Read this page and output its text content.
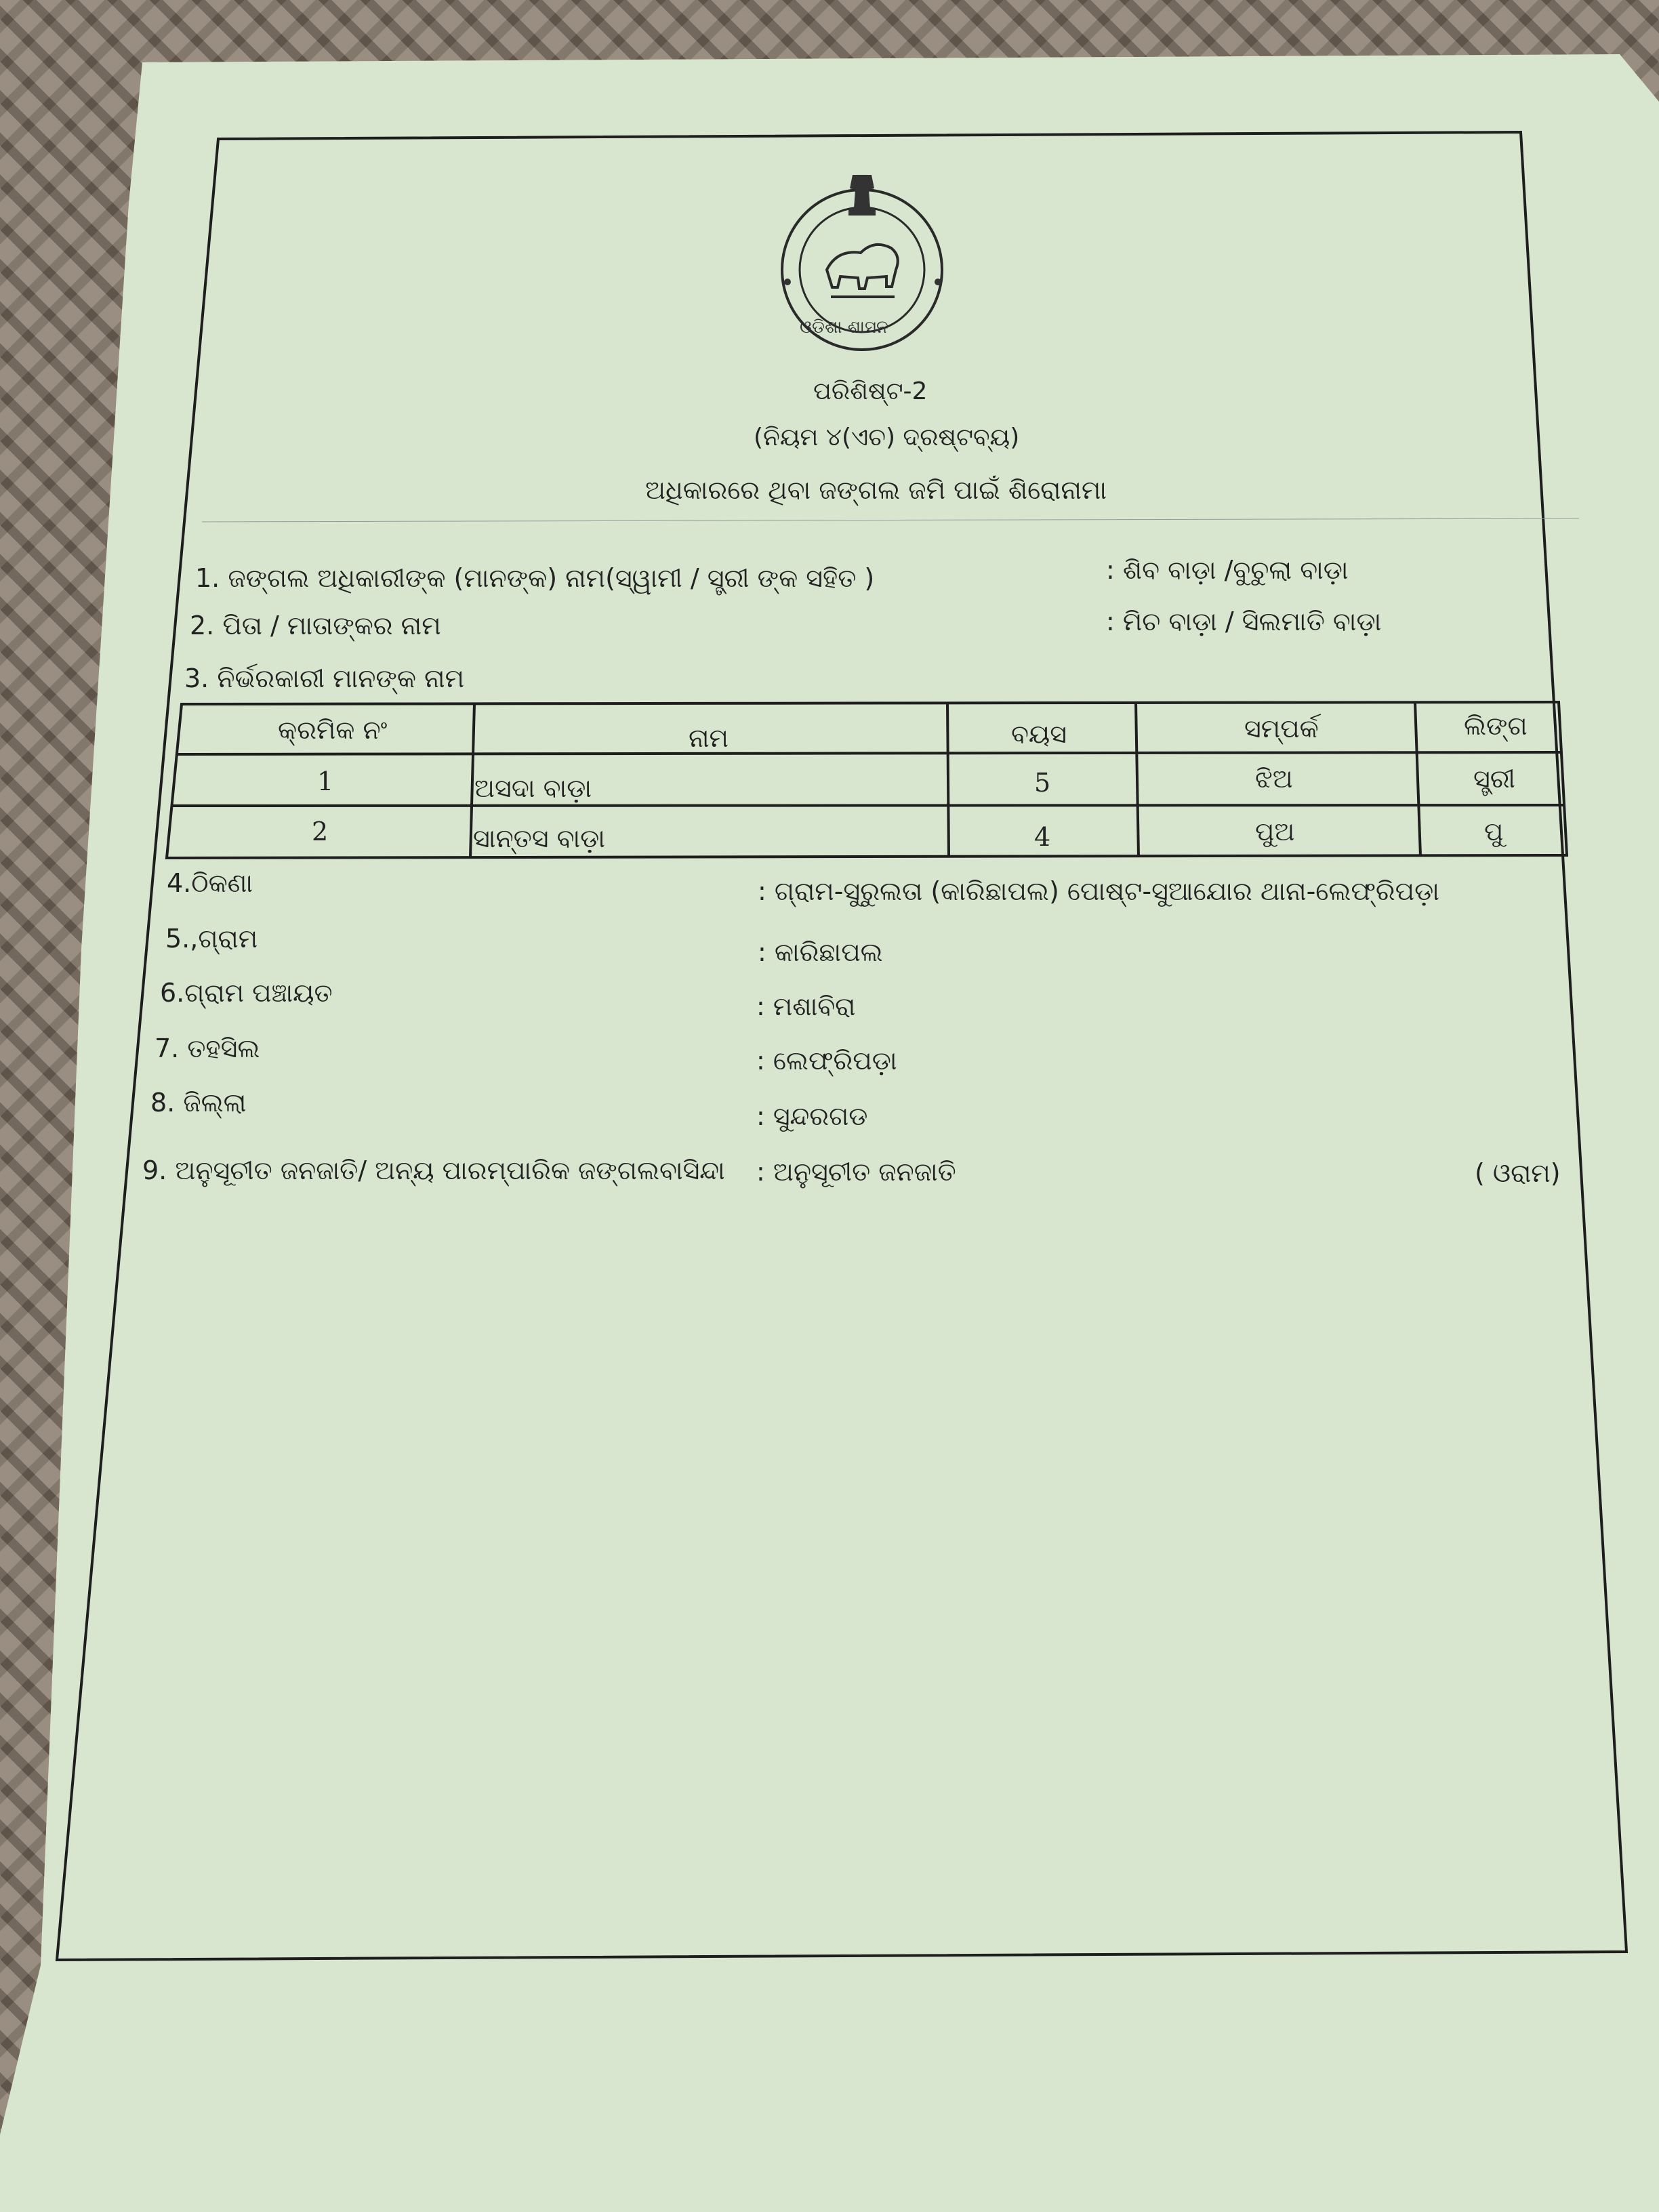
ଓଡ଼ିଶା ଶାସନ
ପରିଶିଷ୍ଟ-2
(ନିୟମ ୪(ଏଚ) ଦ୍ରଷ୍ଟବ୍ୟ)
ଅଧିକାରରେ ଥିବା ଜଙ୍ଗଲ ଜମି ପାଇଁ ଶିରୋନାମା
1. ଜଙ୍ଗଲ ଅଧିକାରୀଙ୍କ (ମାନଙ୍କ) ନାମ(ସ୍ୱାମୀ / ସ୍ତ୍ରୀ ଙ୍କ ସହିତ )	: ଶିବ ବାଡ଼ା /ବୁଚୁଲା ବାଡ଼ା
2. ପିତା / ମାତାଙ୍କର ନାମ	: ମିଚ ବାଡ଼ା / ସିଲମାତି ବାଡ଼ା
3. ନିର୍ଭରକାରୀ ମାନଙ୍କ ନାମ
କ୍ରମିକ ନଂ	ନାମ	ବୟସ	ସମ୍ପର୍କ	ଲିଙ୍ଗ
1	ଅସଦା ବାଡ଼ା	5	ଝିଅ	ସ୍ତ୍ରୀ
2	ସାନ୍ତସ ବାଡ଼ା	4	ପୁଅ	ପୁ
4.ଠିକଣା	: ଗ୍ରାମ-ସୁରୁଲତା (କାରିଛାପଲ) ପୋଷ୍ଟ-ସୁଆଯୋର ଥାନା-ଲେଫ୍ରିପଡ଼ା
5.,ଗ୍ରାମ	: କାରିଛାପଲ
6.ଗ୍ରାମ ପଞ୍ଚାୟତ	: ମଶାବିରା
7. ତହସିଲ	: ଲେଫ୍ରିପଡ଼ା
8. ଜିଲ୍ଲା	: ସୁନ୍ଦରଗଡ
9. ଅନୁସୂଚୀତ ଜନଜାତି/ ଅନ୍ୟ ପାରମ୍ପାରିକ ଜଙ୍ଗଲବାସିନ୍ଦା : ଅନୁସୂଚୀତ ଜନଜାତି	( ଓରାମ)
